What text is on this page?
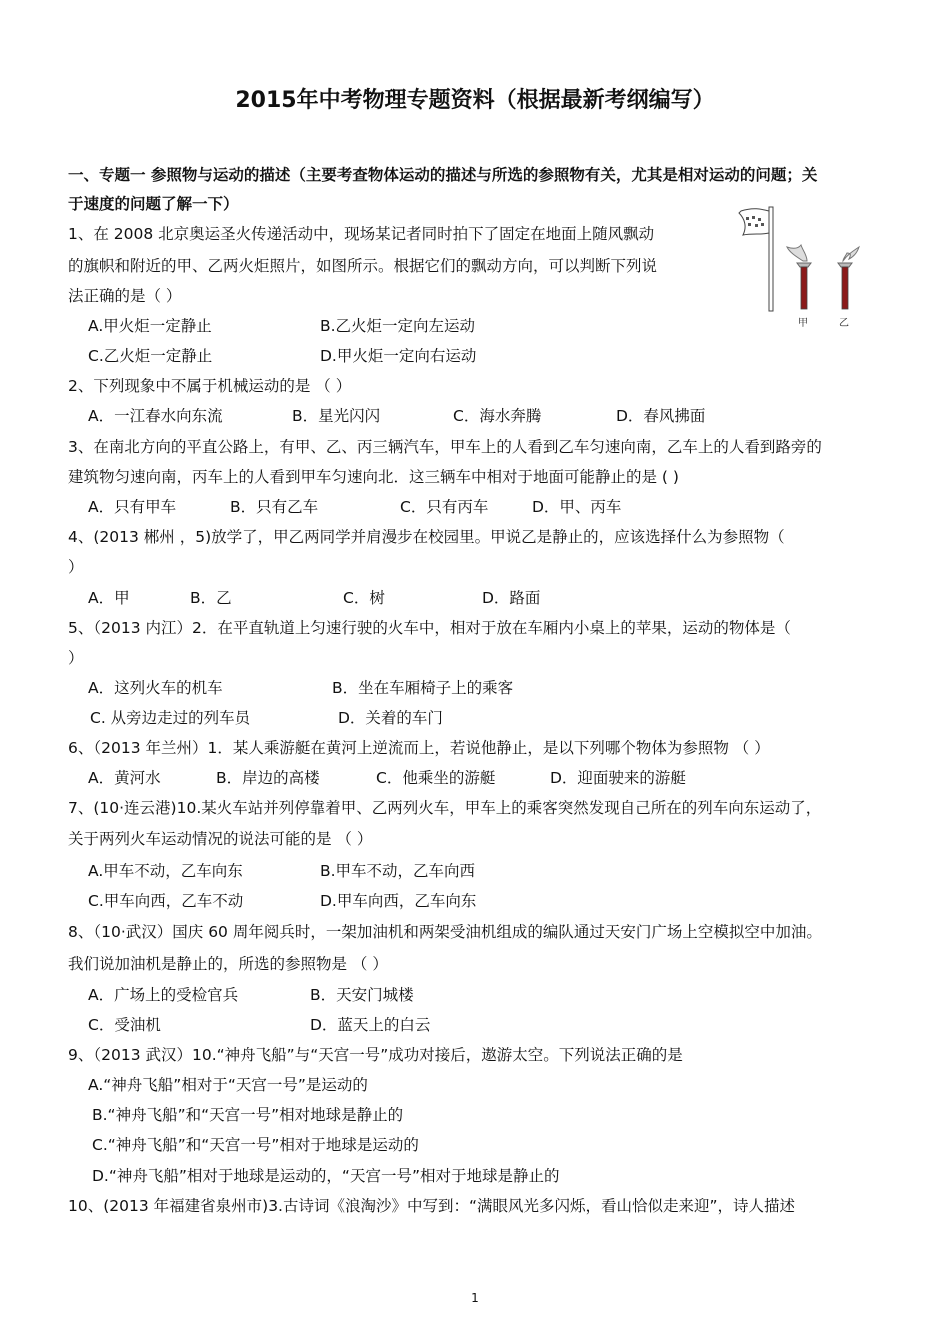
2015年中考物理专题资料（根据最新考纲编写）
一、专题一 参照物与运动的描述（主要考查物体运动的描述与所选的参照物有关，尤其是相对运动的问题；关
于速度的问题了解一下）
甲	乙
1、在 2008 北京奥运圣火传递活动中，现场某记者同时拍下了固定在地面上随风飘动
的旗帜和附近的甲、乙两火炬照片，如图所示。根据它们的飘动方向，可以判断下列说
法正确的是（ ）
A.甲火炬一定静止	B.乙火炬一定向左运动
C.乙火炬一定静止	D.甲火炬一定向右运动
2、下列现象中不属于机械运动的是 （ ）
A．一江春水向东流	B．星光闪闪	C．海水奔腾	D．春风拂面
3、在南北方向的平直公路上，有甲、乙、丙三辆汽车，甲车上的人看到乙车匀速向南，乙车上的人看到路旁的
建筑物匀速向南，丙车上的人看到甲车匀速向北．这三辆车中相对于地面可能静止的是 ( )
A．只有甲车	B．只有乙车	C．只有丙车	D．甲、丙车
4、(2013 郴州 ，5)放学了，甲乙两同学并肩漫步在校园里。甲说乙是静止的，应该选择什么为参照物（
）
A．甲	B．乙	C．树	D．路面
5、（2013 内江）2．在平直轨道上匀速行驶的火车中，相对于放在车厢内小桌上的苹果，运动的物体是（
）
A．这列火车的机车	B．坐在车厢椅子上的乘客
C. 从旁边走过的列车员	D．关着的车门
6、（2013 年兰州）1．某人乘游艇在黄河上逆流而上，若说他静止，是以下列哪个物体为参照物 （ ）
A．黄河水	B．岸边的高楼	C．他乘坐的游艇	D．迎面驶来的游艇
7、(10·连云港)10.某火车站并列停靠着甲、乙两列火车，甲车上的乘客突然发现自己所在的列车向东运动了，
关于两列火车运动情况的说法可能的是 （ ）
A.甲车不动，乙车向东	B.甲车不动，乙车向西
C.甲车向西，乙车不动	D.甲车向西，乙车向东
8、（10·武汉）国庆 60 周年阅兵时，一架加油机和两架受油机组成的编队通过天安门广场上空模拟空中加油。
我们说加油机是静止的，所选的参照物是 （ ）
A．广场上的受检官兵	B．天安门城楼
C．受油机	D．蓝天上的白云
9、（2013 武汉）10.“神舟飞船”与“天宫一号”成功对接后，遨游太空。下列说法正确的是
A.“神舟飞船”相对于“天宫一号”是运动的
B.“神舟飞船”和“天宫一号”相对地球是静止的
C.“神舟飞船”和“天宫一号”相对于地球是运动的
D.“神舟飞船”相对于地球是运动的，“天宫一号”相对于地球是静止的
10、(2013 年福建省泉州市)3.古诗词《浪淘沙》中写到：“满眼风光多闪烁，看山恰似走来迎”，诗人描述
1
